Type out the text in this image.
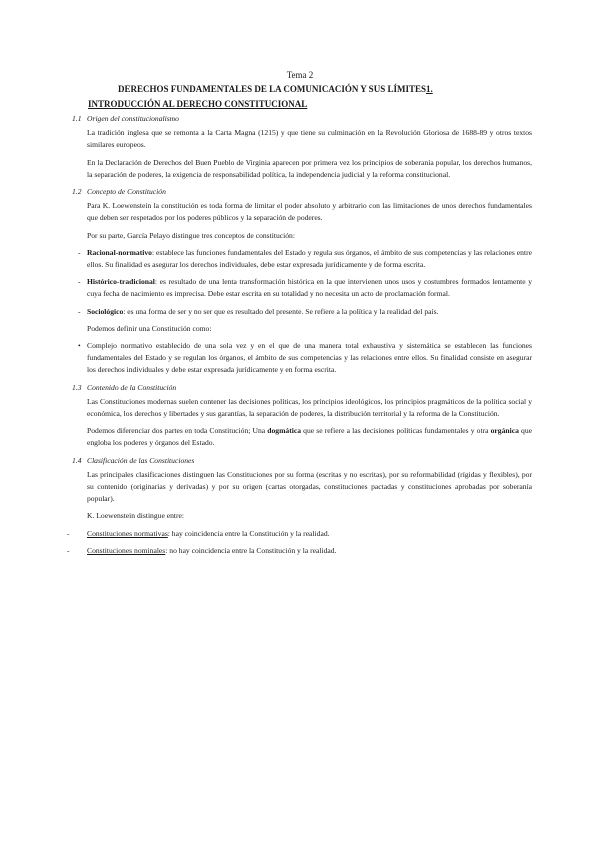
Tema 2
DERECHOS FUNDAMENTALES DE LA COMUNICACIÓN Y SUS LÍMITES1.
INTRODUCCIÓN AL DERECHO CONSTITUCIONAL
1.1 Origen del constitucionalismo

La tradición inglesa que se remonta a la Carta Magna (1215) y que tiene su culminación en la Revolución Gloriosa de 1688-89 y otros textos similares europeos.

En la Declaración de Derechos del Buen Pueblo de Virginia aparecen por primera vez los principios de soberanía popular, los derechos humanos, la separación de poderes, la exigencia de responsabilidad política, la independencia judicial y la reforma constitucional.

1.2 Concepto de Constitución

Para K. Loewenstein la constitución es toda forma de limitar el poder absoluto y arbitrario con las limitaciones de unos derechos fundamentales que deben ser respetados por los poderes públicos y la separación de poderes.

Por su parte, García Pelayo distingue tres conceptos de constitución:

- Racional-normativo: establece las funciones fundamentales del Estado y regula sus órganos, el ámbito de sus competencias y las relaciones entre ellos. Su finalidad es asegurar los derechos individuales, debe estar expresada jurídicamente y de forma escrita.
- Histórico-tradicional: es resultado de una lenta transformación histórica en la que intervienen unos usos y costumbres formados lentamente y cuya fecha de nacimiento es imprecisa. Debe estar escrita en su totalidad y no necesita un acto de proclamación formal.
- Sociológico: es una forma de ser y no ser que es resultado del presente. Se refiere a la política y la realidad del país.

Podemos definir una Constitución como:

• Complejo normativo establecido de una sola vez y en el que de una manera total exhaustiva y sistemática se establecen las funciones fundamentales del Estado y se regulan los órganos, el ámbito de sus competencias y las relaciones entre ellos. Su finalidad consiste en asegurar los derechos individuales y debe estar expresada jurídicamente y en forma escrita.
1.3 Contenido de la Constitución

Las Constituciones modernas suelen contener las decisiones políticas, los principios ideológicos, los principios pragmáticos de la política social y económica, los derechos y libertades y sus garantías, la separación de poderes, la distribución territorial y la reforma de la Constitución.

Podemos diferenciar dos partes en toda Constitución; Una dogmática que se refiere a las decisiones políticas fundamentales y otra orgánica que engloba los poderes y órganos del Estado.

1.4 Clasificación de las Constituciones

Las principales clasificaciones distinguen las Constituciones por su forma (escritas y no escritas), por su reformabilidad (rígidas y flexibles), por su contenido (originarias y derivadas) y por su origen (cartas otorgadas, constituciones pactadas y constituciones aprobadas por soberanía popular).

K. Loewenstein distingue entre:

-	Constituciones normativas: hay coincidencia entre la Constitución y la realidad.
-	Constituciones nominales: no hay coincidencia entre la Constitución y la realidad.
